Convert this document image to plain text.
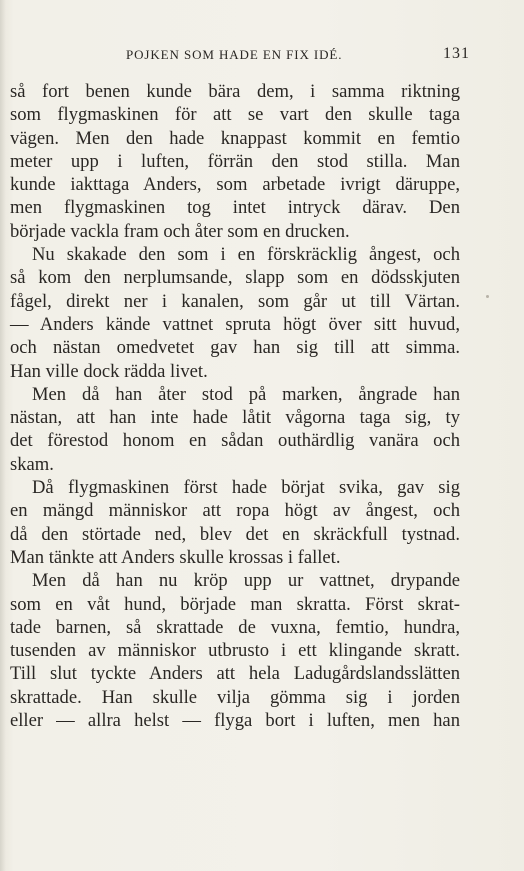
POJKEN SOM HADE EN FIX IDÉ.	131
så fort benen kunde bära dem, i samma riktning
som flygmaskinen för att se vart den skulle taga
vägen. Men den hade knappast kommit en femtio
meter upp i luften, förrän den stod stilla. Man
kunde iakttaga Anders, som arbetade ivrigt däruppe,
men flygmaskinen tog intet intryck därav. Den
började vackla fram och åter som en drucken.
Nu skakade den som i en förskräcklig ångest, och
så kom den nerplumsande, slapp som en dödsskjuten
fågel, direkt ner i kanalen, som går ut till Värtan.
— Anders kände vattnet spruta högt över sitt huvud,
och nästan omedvetet gav han sig till att simma.
Han ville dock rädda livet.
Men då han åter stod på marken, ångrade han
nästan, att han inte hade låtit vågorna taga sig, ty
det förestod honom en sådan outhärdlig vanära och
skam.
Då flygmaskinen först hade börjat svika, gav sig
en mängd människor att ropa högt av ångest, och
då den störtade ned, blev det en skräckfull tystnad.
Man tänkte att Anders skulle krossas i fallet.
Men då han nu kröp upp ur vattnet, drypande
som en våt hund, började man skratta. Först skrat-
tade barnen, så skrattade de vuxna, femtio, hundra,
tusenden av människor utbrusto i ett klingande skratt.
Till slut tyckte Anders att hela Ladugårdslandsslätten
skrattade. Han skulle vilja gömma sig i jorden
eller — allra helst — flyga bort i luften, men han
